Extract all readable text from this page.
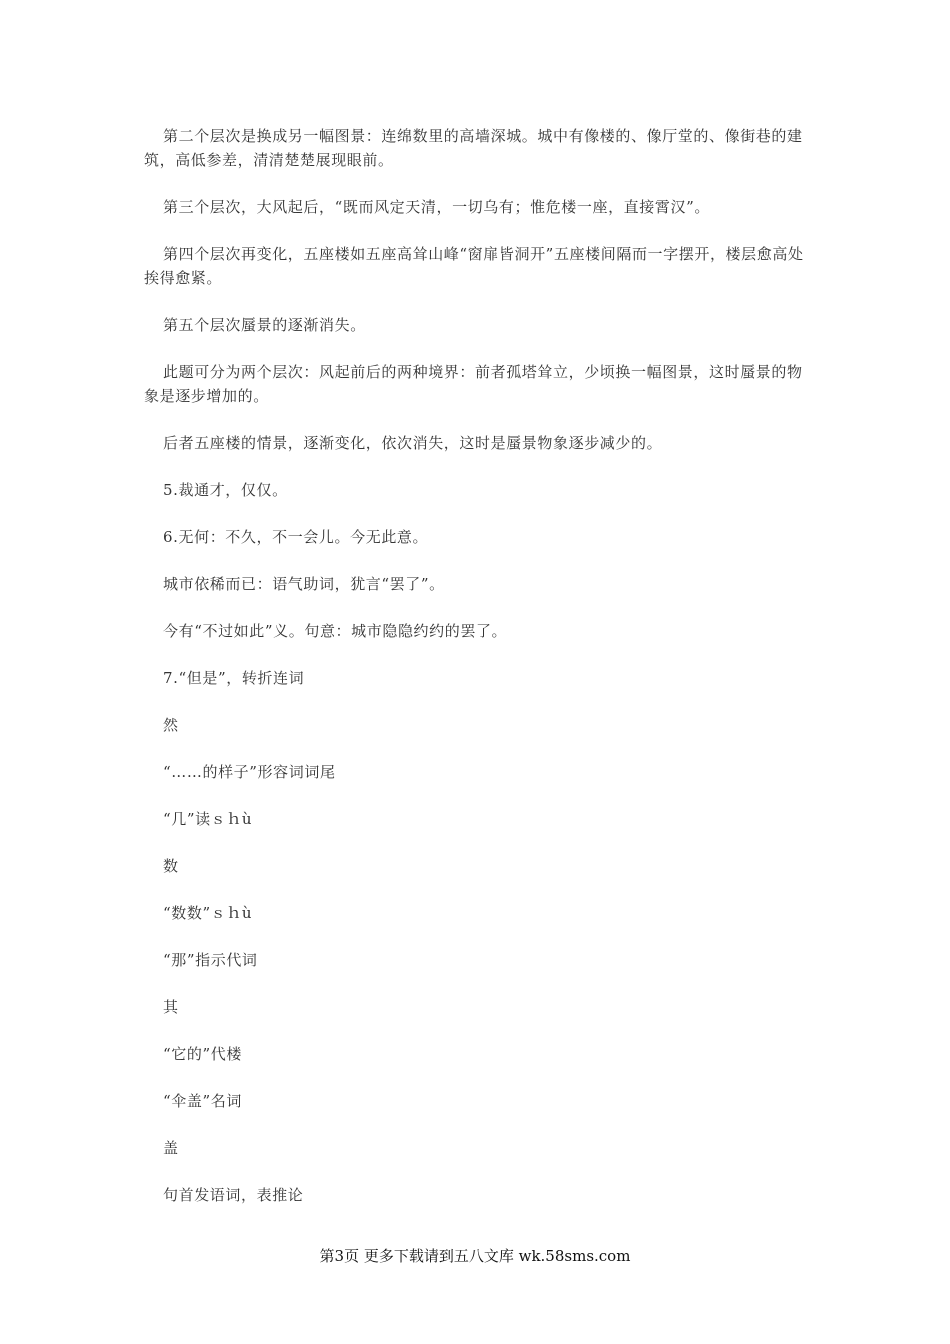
第二个层次是换成另一幅图景：连绵数里的高墙深城。城中有像楼的、像厅堂的、像街巷的建筑，高低参差，清清楚楚展现眼前。

第三个层次，大风起后，“既而风定天清，一切乌有；惟危楼一座，直接霄汉”。

第四个层次再变化，五座楼如五座高耸山峰“窗扉皆洞开”五座楼间隔而一字摆开，楼层愈高处挨得愈紧。

第五个层次蜃景的逐渐消失。

此题可分为两个层次：风起前后的两种境界：前者孤塔耸立，少顷换一幅图景，这时蜃景的物象是逐步增加的。

后者五座楼的情景，逐渐变化，依次消失，这时是蜃景物象逐步减少的。

5.裁通才，仅仅。

6.无何：不久，不一会儿。今无此意。

城市依稀而已：语气助词，犹言“罢了”。

今有“不过如此”义。句意：城市隐隐约约的罢了。

7.“但是”，转折连词

然

“……的样子”形容词词尾

“几”读ｓｈù

数

“数数”ｓｈù

“那”指示代词

其

“它的”代楼

“伞盖”名词

盖

句首发语词，表推论

第3页 更多下载请到五八文库 wk.58sms.com
